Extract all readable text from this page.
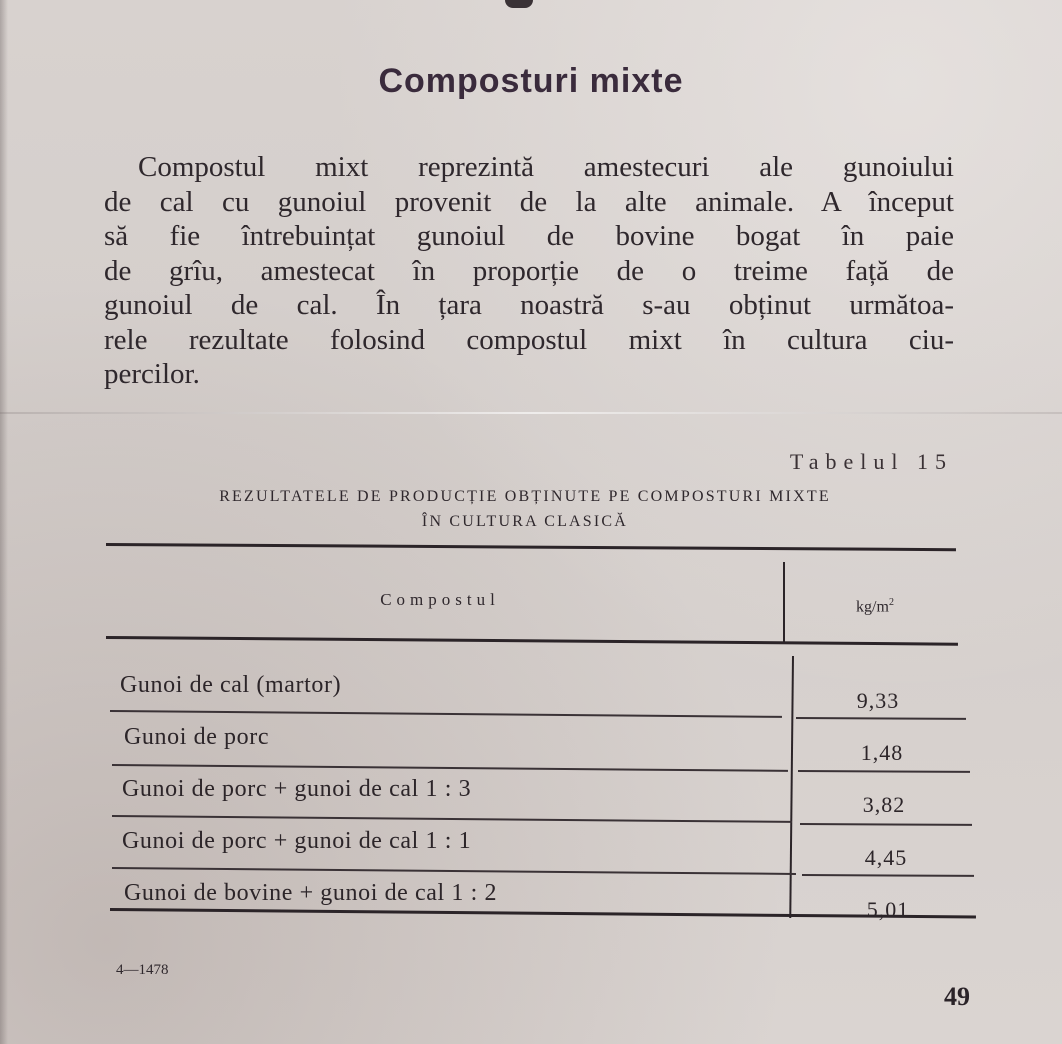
Composturi mixte
Compostul mixt reprezintă amestecuri ale gunoiului
de cal cu gunoiul provenit de la alte animale. A început
să fie întrebuințat gunoiul de bovine bogat în paie
de grîu, amestecat în proporție de o treime față de
gunoiul de cal. În țara noastră s-au obținut următoa-
rele rezultate folosind compostul mixt în cultura ciu-
percilor.
Tabelul 15
REZULTATELE DE PRODUCȚIE OBȚINUTE PE COMPOSTURI MIXTE
ÎN CULTURA CLASICĂ
Compostul	$kg/m^2$
Gunoi de cal (martor)
9,33
Gunoi de porc
1,48
Gunoi de porc + gunoi de cal 1 : 3
3,82
Gunoi de porc + gunoi de cal 1 : 1
4,45
Gunoi de bovine + gunoi de cal 1 : 2
5,01
4—1478
49
